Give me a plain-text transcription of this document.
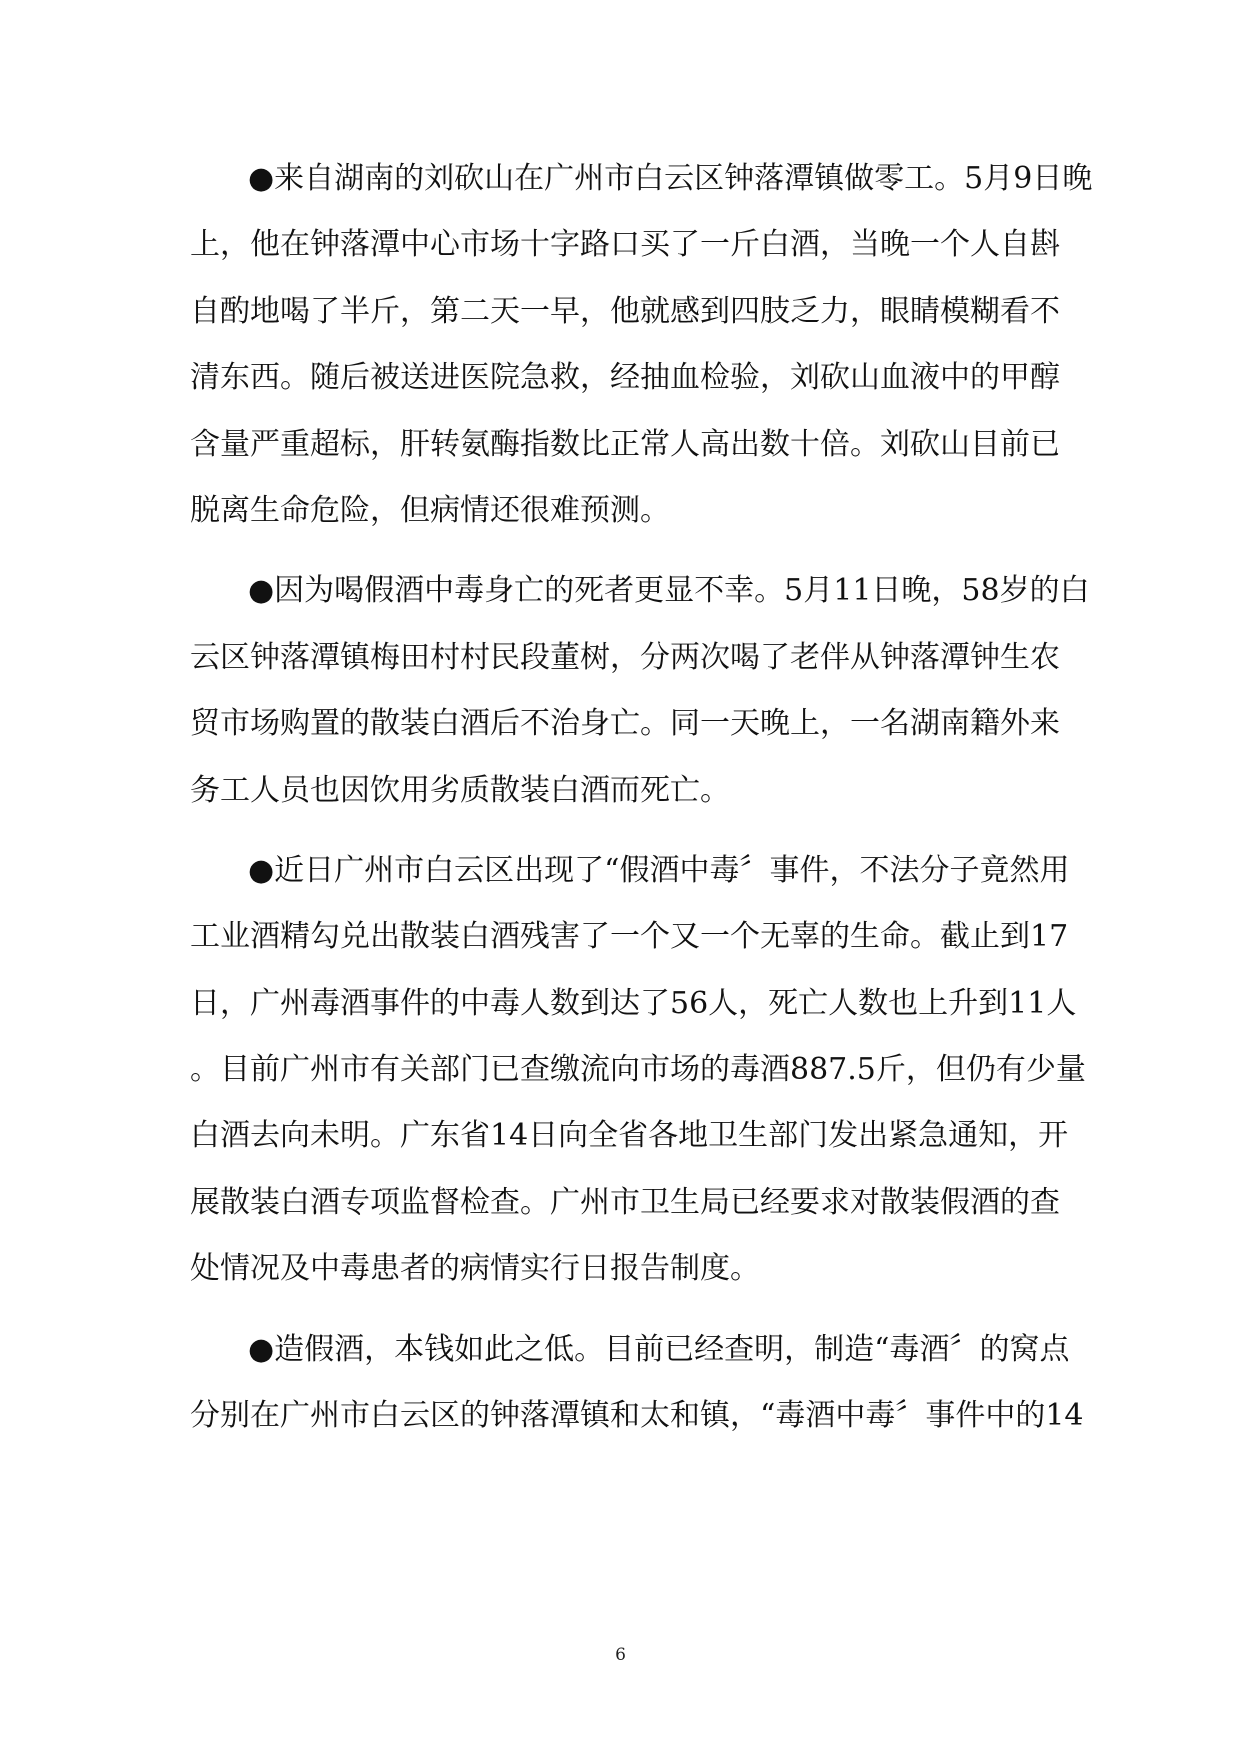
●来自湖南的刘砍山在广州市白云区钟落潭镇做零工。5月9日晚
上，他在钟落潭中心市场十字路口买了一斤白酒，当晚一个人自斟
自酌地喝了半斤，第二天一早，他就感到四肢乏力，眼睛模糊看不
清东西。随后被送进医院急救，经抽血检验，刘砍山血液中的甲醇
含量严重超标，肝转氨酶指数比正常人高出数十倍。刘砍山目前已
脱离生命危险，但病情还很难预测。
●因为喝假酒中毒身亡的死者更显不幸。5月11日晚，58岁的白
云区钟落潭镇梅田村村民段董树，分两次喝了老伴从钟落潭钟生农
贸市场购置的散装白酒后不治身亡。同一天晚上，一名湖南籍外来
务工人员也因饮用劣质散装白酒而死亡。
●近日广州市白云区出现了“假酒中毒〞事件，不法分子竟然用
工业酒精勾兑出散装白酒残害了一个又一个无辜的生命。截止到17
日，广州毒酒事件的中毒人数到达了56人，死亡人数也上升到11人
。目前广州市有关部门已查缴流向市场的毒酒887.5斤，但仍有少量
白酒去向未明。广东省14日向全省各地卫生部门发出紧急通知，开
展散装白酒专项监督检查。广州市卫生局已经要求对散装假酒的查
处情况及中毒患者的病情实行日报告制度。
●造假酒，本钱如此之低。目前已经查明，制造“毒酒〞的窝点
分别在广州市白云区的钟落潭镇和太和镇，“毒酒中毒〞事件中的14
6
